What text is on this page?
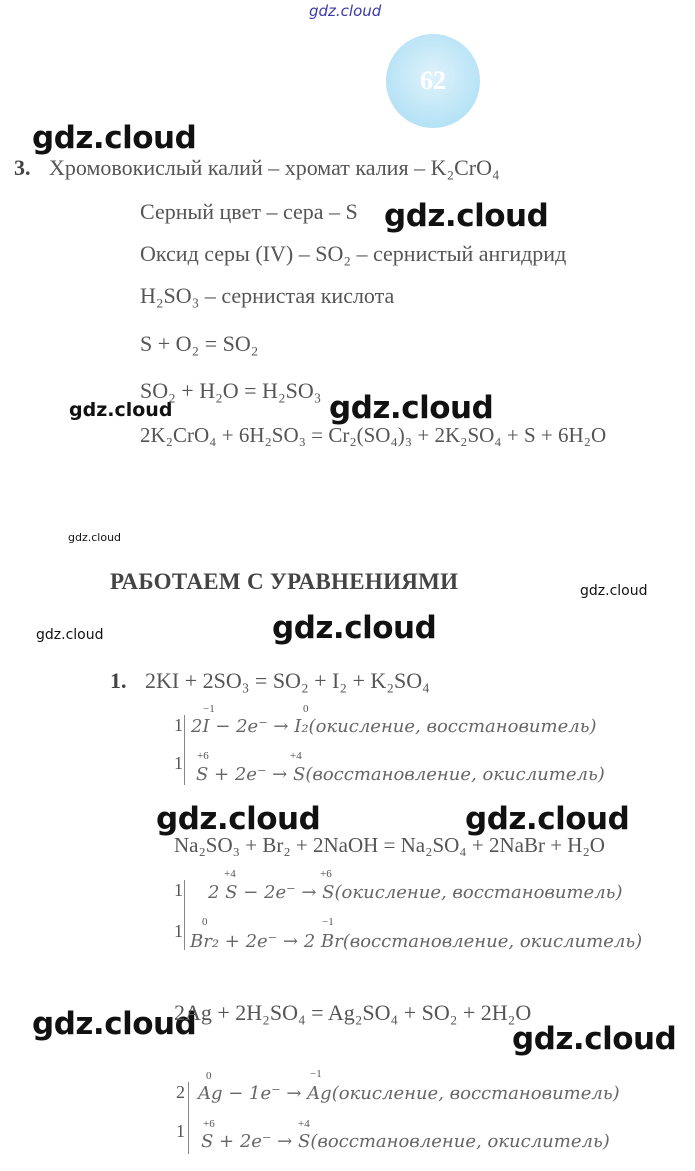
gdz.cloud
gdz.cloud
gdz.cloud
gdz.cloud	gdz.cloud
gdz.cloud
gdz.cloud
gdz.cloud	gdz.cloud
gdz.cloud	gdz.cloud
gdz.cloud	gdz.cloud
62
3. Хромовокислый калий – хромат калия – K₂CrO₄
Серный цвет – сера – S
Оксид серы (IV) – SO₂ – сернистый ангидрид
H₂SO₃ – сернистая кислота
S + O₂ = SO₂
SO₂ + H₂O = H₂SO₃
2K₂CrO₄ + 6H₂SO₃ = Cr₂(SO₄)₃ + 2K₂SO₄ + S + 6H₂O
РАБОТАЕМ С УРАВНЕНИЯМИ
1. 2KI + 2SO₃ = SO₂ + I₂ + K₂SO₄
1
1
−1	0
2I − 2e⁻ → I₂(окисление, восстановитель)
+6	+4
S + 2e⁻ → S(восстановление, окислитель)
Na₂SO₃ + Br₂ + 2NaOH = Na₂SO₄ + 2NaBr + H₂O
1
1
+4	+6
2 S − 2e⁻ → S(окисление, восстановитель)
0	−1
Br₂ + 2e⁻ → 2 Br(восстановление, окислитель)
2Ag + 2H₂SO₄ = Ag₂SO₄ + SO₂ + 2H₂O
2
1
0	−1
Ag − 1e⁻ → Ag(окисление, восстановитель)
+6	+4
S + 2e⁻ → S(восстановление, окислитель)
